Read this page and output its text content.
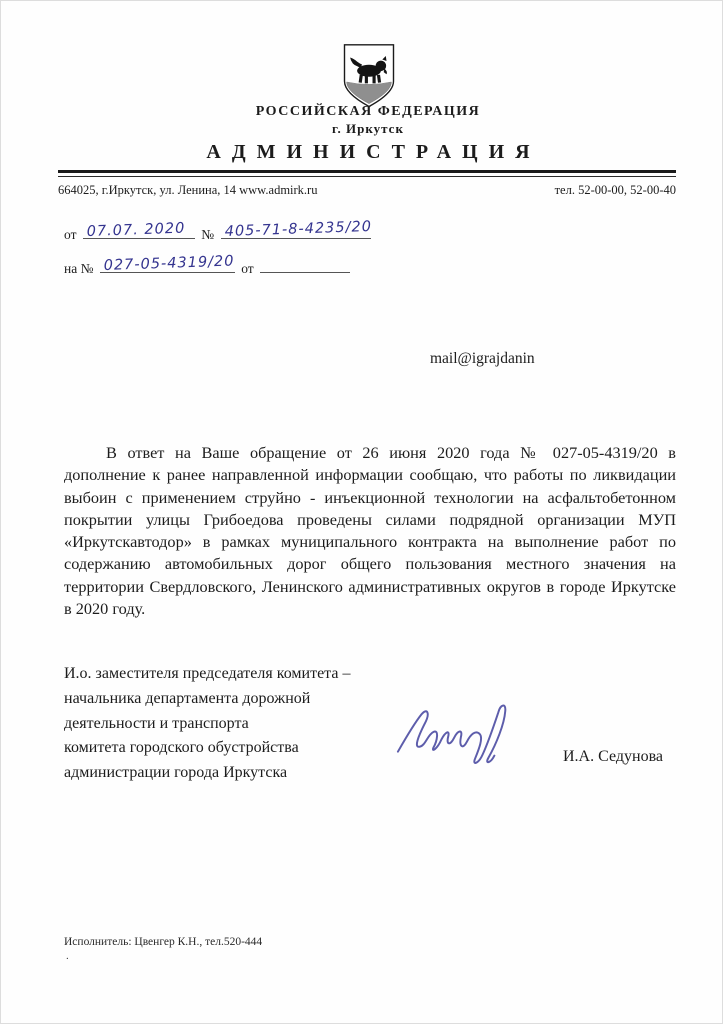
РОССИЙСКАЯ ФЕДЕРАЦИЯ
г. Иркутск
АДМИНИСТРАЦИЯ
664025, г.Иркутск, ул. Ленина, 14 www.admirk.ru	тел. 52-00-00, 52-00-40
от 07.07. 2020 № 405-71-8-4235/20
на № 027-05-4319/20 от
mail@igrajdanin
В ответ на Ваше обращение от 26 июня 2020 года № 027-05-4319/20 в дополнение к ранее направленной информации сообщаю, что работы по ликвидации выбоин с применением струйно - инъекционной технологии на асфальтобетонном покрытии улицы Грибоедова проведены силами подрядной организации МУП «Иркутскавтодор» в рамках муниципального контракта на выполнение работ по содержанию автомобильных дорог общего пользования местного значения на территории Свердловского, Ленинского административных округов в городе Иркутске в 2020 году.
И.о. заместителя председателя комитета –
начальника департамента дорожной
деятельности и транспорта
комитета городского обустройства
администрации города Иркутска
И.А. Седунова
Исполнитель: Цвенгер К.Н., тел.520-444
.
